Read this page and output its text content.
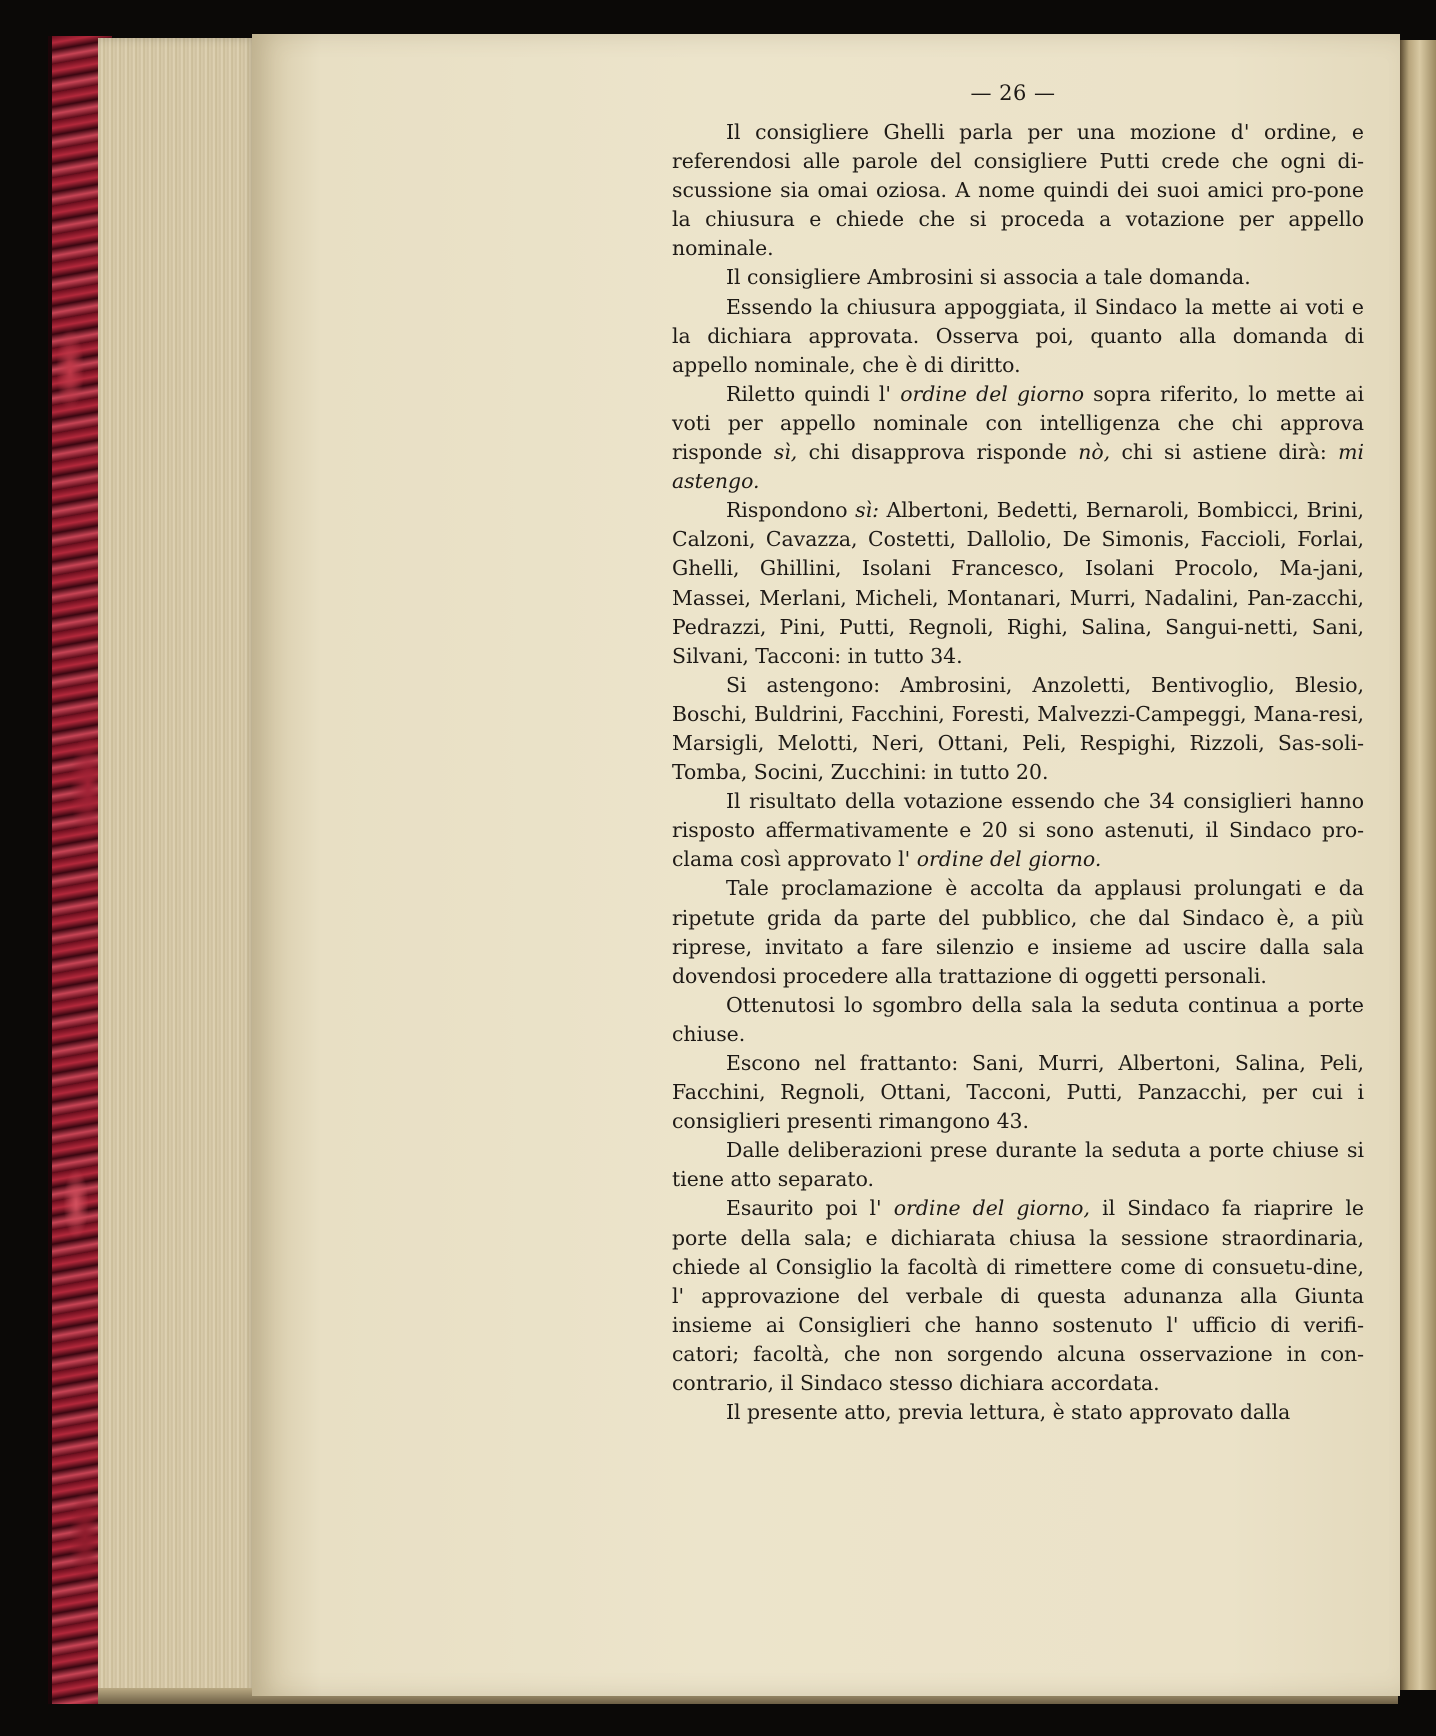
— 26 —

Il consigliere Ghelli parla per una mozione d' ordine, e referendosi alle parole del consigliere Putti crede che ogni di-scussione sia omai oziosa. A nome quindi dei suoi amici pro-pone la chiusura e chiede che si proceda a votazione per appello nominale.

Il consigliere Ambrosini si associa a tale domanda.

Essendo la chiusura appoggiata, il Sindaco la mette ai voti e la dichiara approvata. Osserva poi, quanto alla domanda di appello nominale, che è di diritto.

Riletto quindi l' ordine del giorno sopra riferito, lo mette ai voti per appello nominale con intelligenza che chi approva risponde sì, chi disapprova risponde nò, chi si astiene dirà: mi astengo.

Rispondono sì: Albertoni, Bedetti, Bernaroli, Bombicci, Brini, Calzoni, Cavazza, Costetti, Dallolio, De Simonis, Faccioli, Forlai, Ghelli, Ghillini, Isolani Francesco, Isolani Procolo, Ma-jani, Massei, Merlani, Micheli, Montanari, Murri, Nadalini, Pan-zacchi, Pedrazzi, Pini, Putti, Regnoli, Righi, Salina, Sangui-netti, Sani, Silvani, Tacconi: in tutto 34.

Si astengono: Ambrosini, Anzoletti, Bentivoglio, Blesio, Boschi, Buldrini, Facchini, Foresti, Malvezzi-Campeggi, Mana-resi, Marsigli, Melotti, Neri, Ottani, Peli, Respighi, Rizzoli, Sas-soli-Tomba, Socini, Zucchini: in tutto 20.

Il risultato della votazione essendo che 34 consiglieri hanno risposto affermativamente e 20 si sono astenuti, il Sindaco pro-clama così approvato l' ordine del giorno.

Tale proclamazione è accolta da applausi prolungati e da ripetute grida da parte del pubblico, che dal Sindaco è, a più riprese, invitato a fare silenzio e insieme ad uscire dalla sala dovendosi procedere alla trattazione di oggetti personali.

Ottenutosi lo sgombro della sala la seduta continua a porte chiuse.

Escono nel frattanto: Sani, Murri, Albertoni, Salina, Peli, Facchini, Regnoli, Ottani, Tacconi, Putti, Panzacchi, per cui i consiglieri presenti rimangono 43.

Dalle deliberazioni prese durante la seduta a porte chiuse si tiene atto separato.

Esaurito poi l' ordine del giorno, il Sindaco fa riaprire le porte della sala; e dichiarata chiusa la sessione straordinaria, chiede al Consiglio la facoltà di rimettere come di consuetu-dine, l' approvazione del verbale di questa adunanza alla Giunta insieme ai Consiglieri che hanno sostenuto l' ufficio di verifi-catori; facoltà, che non sorgendo alcuna osservazione in con-contrario, il Sindaco stesso dichiara accordata.

Il presente atto, previa lettura, è stato approvato dalla
